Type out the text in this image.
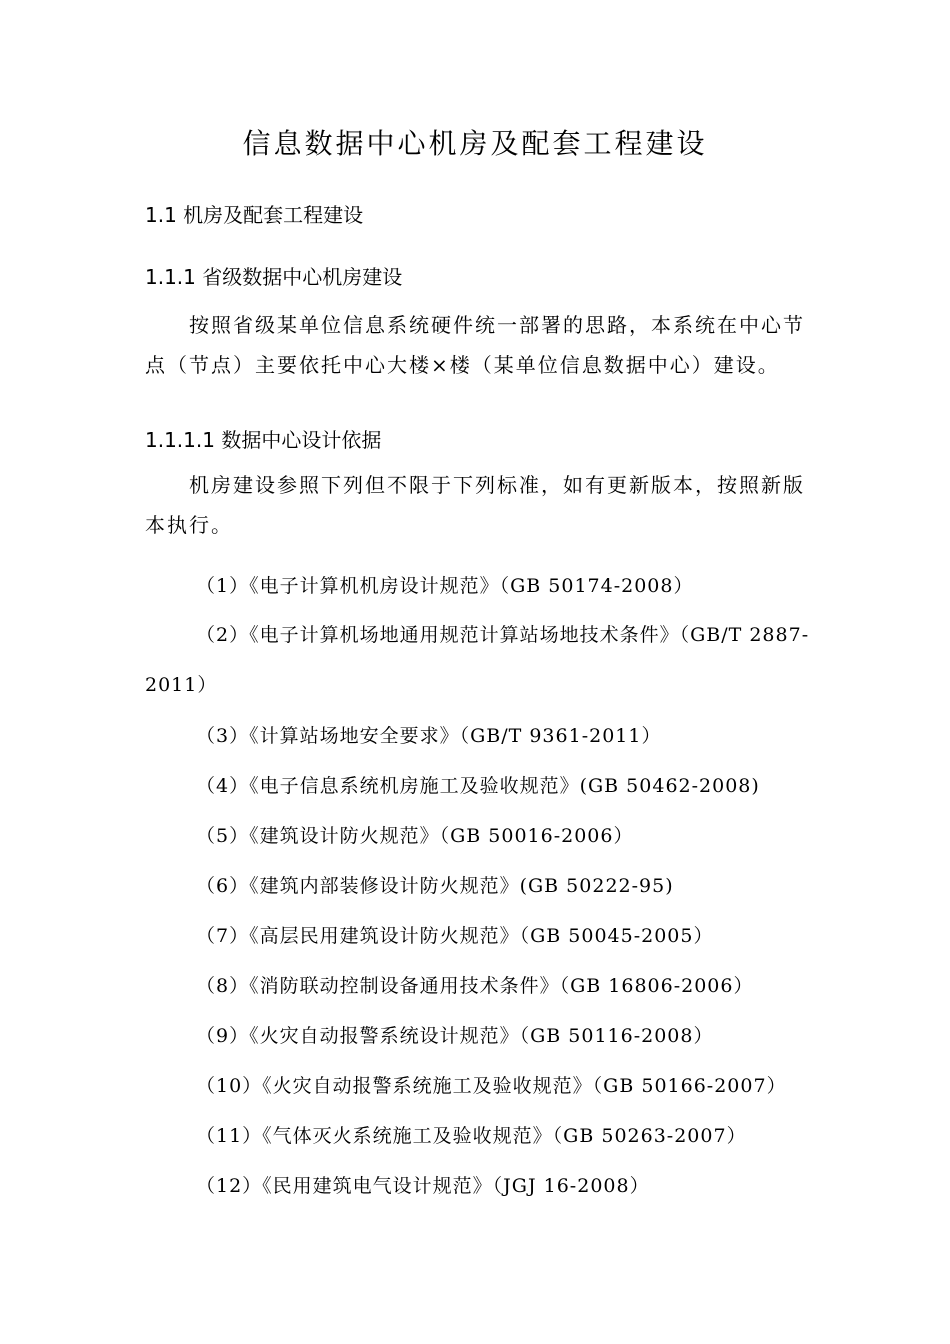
信息数据中心机房及配套工程建设
1.1 机房及配套工程建设
1.1.1 省级数据中心机房建设
按照省级某单位信息系统硬件统一部署的思路，本系统在中心节点（节点）主要依托中心大楼×楼（某单位信息数据中心）建设。
1.1.1.1 数据中心设计依据
机房建设参照下列但不限于下列标准，如有更新版本，按照新版本执行。
（1）《电子计算机机房设计规范》（GB 50174-2008）
（2）《电子计算机场地通用规范计算站场地技术条件》（GB/T 2887-2011）
（3）《计算站场地安全要求》（GB/T 9361-2011）
（4）《电子信息系统机房施工及验收规范》(GB 50462-2008)
（5）《建筑设计防火规范》（GB 50016-2006）
（6）《建筑内部装修设计防火规范》(GB 50222-95)
（7）《高层民用建筑设计防火规范》（GB 50045-2005）
（8）《消防联动控制设备通用技术条件》（GB 16806-2006）
（9）《火灾自动报警系统设计规范》（GB 50116-2008）
（10）《火灾自动报警系统施工及验收规范》（GB 50166-2007）
（11）《气体灭火系统施工及验收规范》（GB 50263-2007）
（12）《民用建筑电气设计规范》（JGJ 16-2008）
